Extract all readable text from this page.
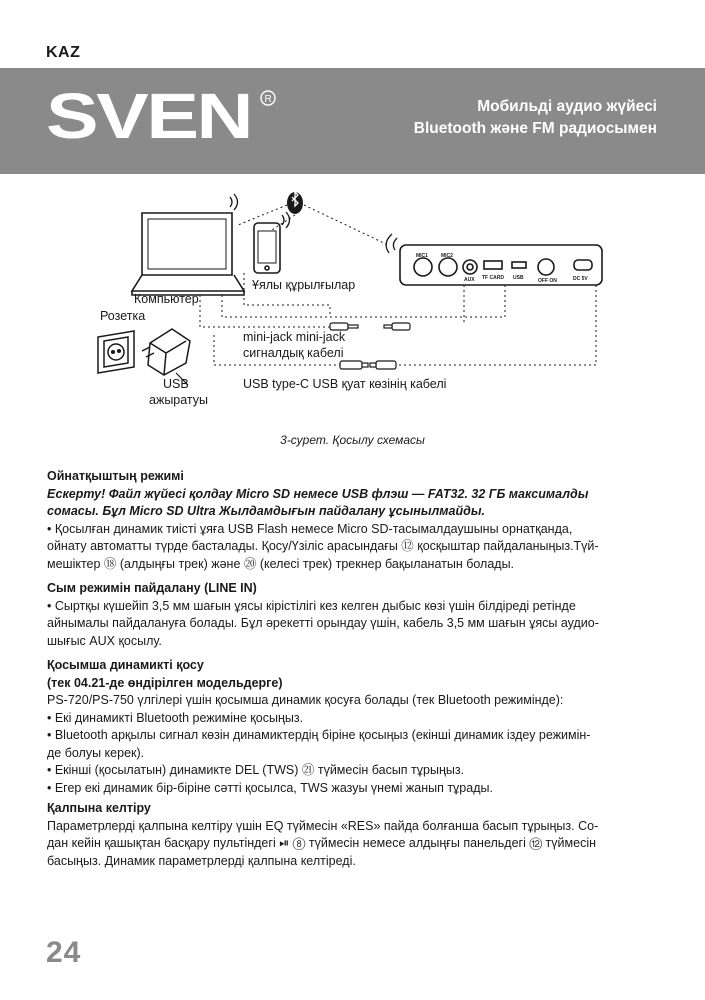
KAZ
SVEN R	Мобильді аудио жүйесі
Bluetooth және FM радиосымен
MIC1	MIC2
AUX TF CARD USB	OFF ON	DC 5V
Компьютер
Розетка
Ұялы құрылғылар
mini-jack mini-jack
сигналдық кабелі
USB
ажыратуы
USB type-C USB қуат көзінің кабелі
3-сурет. Қосылу схемасы

Ойнатқыштың режимі

Ескерту! Файл жүйесі қолдау Micro SD немесе USB флэш — FAT32. 32 ГБ максималды

сомасы. Бұл Micro SD Ultra Жылдамдығын пайдалану ұсынылмайды.

• Қосылған динамик тиісті ұяға USB Flash немесе Micro SD-тасымалдаушыны орнатқанда,

ойнату автоматты түрде басталады. Қосу/Үзіліс арасындағы ⑫ қосқыштар пайдаланыңыз.Түй-

мешіктер ⑱ (алдыңғы трек) және ⑳ (келесі трек) трекнер бақыланатын болады.

Сым режимін пайдалану (LINE IN)

• Сыртқы күшейіп 3,5 мм шағын ұясы кірістілігі кез келген дыбыс көзі үшін білдіреді ретінде

айнымалы пайдалануға болады. Бұл әрекетті орындау үшін, кабель 3,5 мм шағын ұясы аудио-

шығыс AUX қосылу.

Қосымша динамикті қосу

(тек 04.21-де өндірілген модельдерге)

PS-720/PS-750 үлгілері үшін қосымша динамик қосуға болады (тек Bluetooth режимінде):

• Екі динамикті Bluetooth режиміне қосыңыз.

• Bluetooth арқылы сигнал көзін динамиктердің біріне қосыңыз (екінші динамик іздеу режимін-

де болуы керек).

• Екінші (қосылатын) динамикте DEL (TWS) ㉑ түймесін басып тұрыңыз.

• Егер екі динамик бір-біріне сәтті қосылса, TWS жазуы үнемі жанып тұрады.

Қалпына келтіру

Параметрлерді қалпына келтіру үшін EQ түймесін «RES» пайда болғанша басып тұрыңыз. Со-

дан кейін қашықтан басқару пультіндегі ⏯ ⑧ түймесін немесе алдыңғы панельдегі ⑫ түймесін

басыңыз. Динамик параметрлерді қалпына келтіреді.

24
